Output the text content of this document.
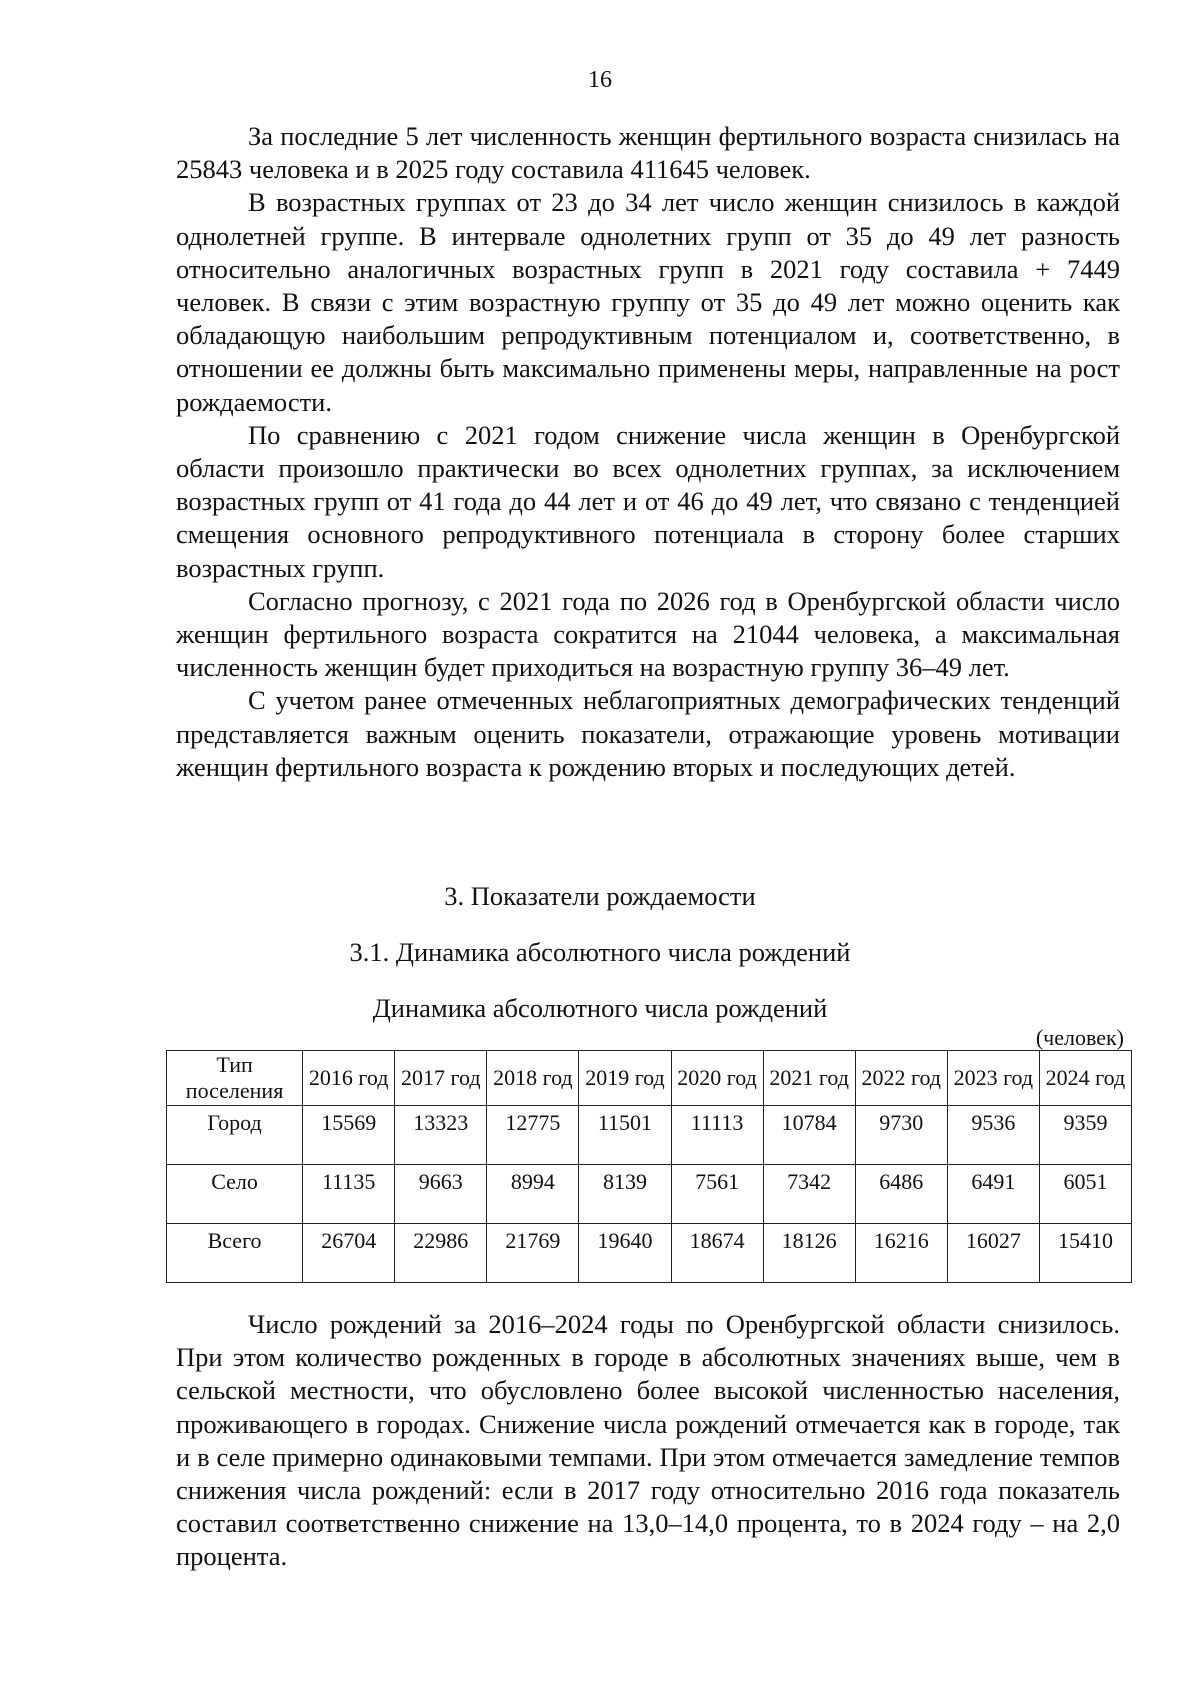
16

За последние 5 лет численность женщин фертильного возраста снизилась на 25843 человека и в 2025 году составила 411645 человек.

В возрастных группах от 23 до 34 лет число женщин снизилось в каждой однолетней группе. В интервале однолетних групп от 35 до 49 лет разность относительно аналогичных возрастных групп в 2021 году составила + 7449 человек. В связи с этим возрастную группу от 35 до 49 лет можно оценить как обладающую наибольшим репродуктивным потенциалом и, соответственно, в отношении ее должны быть максимально применены меры, направленные на рост рождаемости.

По сравнению с 2021 годом снижение числа женщин в Оренбургской области произошло практически во всех однолетних группах, за исключением возрастных групп от 41 года до 44 лет и от 46 до 49 лет, что связано с тенденцией смещения основного репродуктивного потенциала в сторону более старших возрастных групп.

Согласно прогнозу, с 2021 года по 2026 год в Оренбургской области число женщин фертильного возраста сократится на 21044 человека, а максимальная численность женщин будет приходиться на возрастную группу 36–49 лет.

С учетом ранее отмеченных неблагоприятных демографических тенденций представляется важным оценить показатели, отражающие уровень мотивации женщин фертильного возраста к рождению вторых и последующих детей.

3. Показатели рождаемости
3.1. Динамика абсолютного числа рождений
Динамика абсолютного числа рождений
(человек)
Тип поселения	2016 год	2017 год	2018 год	2019 год	2020 год	2021 год	2022 год	2023 год	2024 год
Город	15569	13323	12775	11501	11113	10784	9730	9536	9359
Село	11135	9663	8994	8139	7561	7342	6486	6491	6051
Всего	26704	22986	21769	19640	18674	18126	16216	16027	15410

Число рождений за 2016–2024 годы по Оренбургской области снизилось. При этом количество рожденных в городе в абсолютных значениях выше, чем в сельской местности, что обусловлено более высокой численностью населения, проживающего в городах. Снижение числа рождений отмечается как в городе, так и в селе примерно одинаковыми темпами. При этом отмечается замедление темпов снижения числа рождений: если в 2017 году относительно 2016 года показатель составил соответственно снижение на 13,0–14,0 процента, то в 2024 году – на 2,0 процента.
